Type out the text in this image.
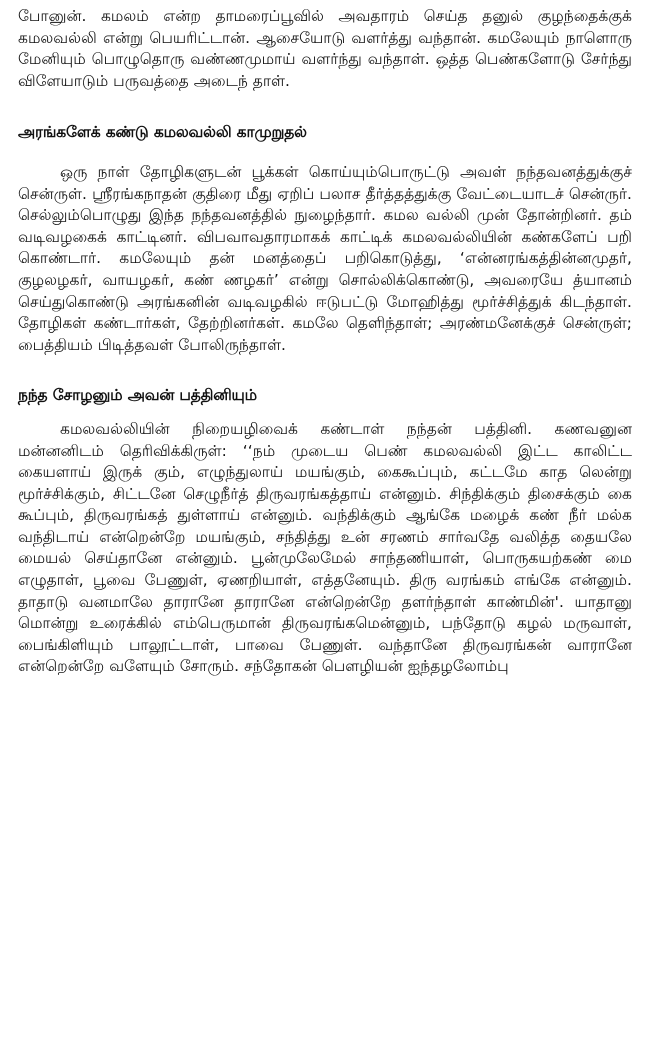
போனுன். கமலம் என்ற தாமரைப்பூவில் அவதாரம் செய்த தனுல் குழந்தைக்குக் கமலவல்லி என்று பெயரிட்டான். ஆசையோடு வளர்த்து வந்தான். கமலேயும் நாளொரு மேனியும் பொழுதொரு வண்ணமுமாய் வளர்ந்து வந்தாள். ஒத்த பெண்களோடு சேர்ந்து விளேயாடும் பருவத்தை அடைந் தாள்.

அரங்களேக் கண்டு கமலவல்லி காமுறுதல்

ஒரு நாள் தோழிகளுடன் பூக்கள் கொய்யும்பொருட்டு அவள் நந்தவனத்துக்குச் சென்ருள். ஸ்ரீரங்கநாதன் குதிரை மீது ஏறிப் பலாச தீர்த்தத்துக்கு வேட்டையாடச் சென்ருர். செல்லும்பொழுது இந்த நந்தவனத்தில் நுழைந்தார். கமல வல்லி முன் தோன்றினர். தம் வடிவழகைக் காட்டினர். விபவாவதாரமாகக் காட்டிக் கமலவல்லியின் கண்களேப் பறி கொண்டார். கமலேயும் தன் மனத்தைப் பறிகொடுத்து, ‘என்னரங்கத்தின்னமுதர், குழலழகர், வாயழகர், கண் ணழகர்’ என்று சொல்லிக்கொண்டு, அவரையே த்யானம் செய்துகொண்டு அரங்கனின் வடிவழகில் ஈடுபட்டு மோஹித்து மூர்ச்சித்துக் கிடந்தாள். தோழிகள் கண்டார்கள், தேற்றினர்கள். கமலே தெளிந்தாள்; அரண்மனேக்குச் சென்ருள்; பைத்தியம் பிடித்தவள் போலிருந்தாள்.

நந்த சோழனும் அவன் பத்தினியும்

கமலவல்லியின் நிறையழிவைக் கண்டாள் நந்தன் பத்தினி. கணவனுன மன்னனிடம் தெரிவிக்கிருள்: ‘‘நம் முடைய பெண் கமலவல்லி இட்ட காலிட்ட கையளாய் இருக் கும், எழுந்துலாய் மயங்கும், கைகூப்பும், கட்டமே காத லென்று மூர்ச்சிக்கும், சிட்டனே செழுநீர்த் திருவரங்கத்தாய் என்னும். சிந்திக்கும் திசைக்கும் கை கூப்பும், திருவரங்கத் துள்ளாய் என்னும். வந்திக்கும் ஆங்கே மழைக் கண் நீர் மல்க வந்திடாய் என்றென்றே மயங்கும், சந்தித்து உன் சரணம் சார்வதே வலித்த தையலே மையல் செய்தானே என்னும். பூன்முலேமேல் சாந்தணியாள், பொருகயற்கண் மை எழுதாள், பூவை பேணுள், ஏணறியாள், எத்தனேயும். திரு வரங்கம் எங்கே என்னும். தாதாடு வனமாலே தாரானே தாரானே என்றென்றே தளர்ந்தாள் காண்மின்'. யாதானு மொன்று உரைக்கில் எம்பெருமான் திருவரங்கமென்னும், பந்தோடு கழல் மருவாள், பைங்கிளியும் பாலூட்டாள், பாவை பேணுள். வந்தானே திருவரங்கன் வாரானே என்றென்றே வளேயும் சோரும். சந்தோகன் பௌழியன் ஐந்தழலோம்பு
